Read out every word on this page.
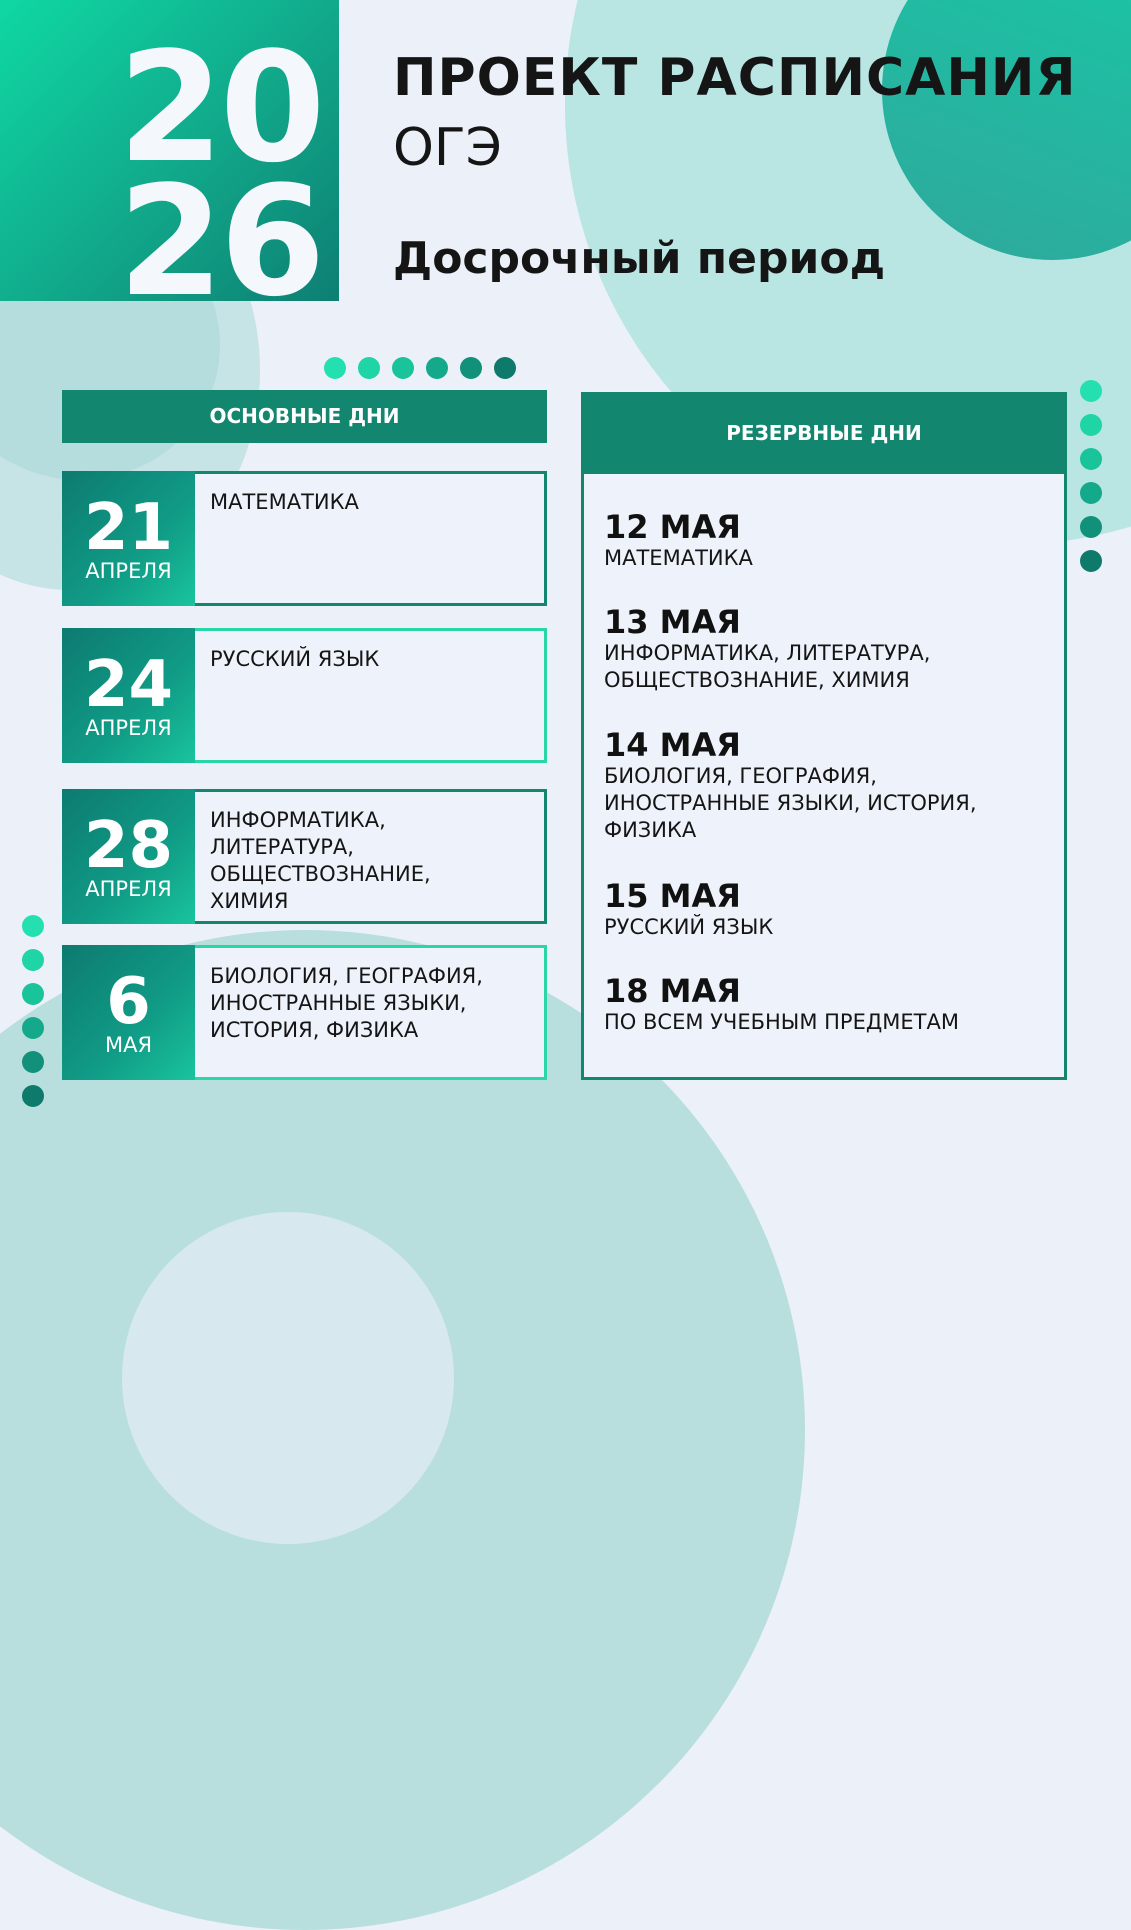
20
26
ПРОЕКТ РАСПИСАНИЯ
ОГЭ
Досрочный период
ОСНОВНЫЕ ДНИ
21
АПРЕЛЯ
МАТЕМАТИКА
24
АПРЕЛЯ
РУССКИЙ ЯЗЫК
28
АПРЕЛЯ
ИНФОРМАТИКА,
ЛИТЕРАТУРА,
ОБЩЕСТВОЗНАНИЕ,
ХИМИЯ
6
МАЯ
БИОЛОГИЯ, ГЕОГРАФИЯ,
ИНОСТРАННЫЕ ЯЗЫКИ,
ИСТОРИЯ, ФИЗИКА
12 МАЯ
МАТЕМАТИКА
13 МАЯ
ИНФОРМАТИКА, ЛИТЕРАТУРА,
ОБЩЕСТВОЗНАНИЕ, ХИМИЯ
14 МАЯ
БИОЛОГИЯ, ГЕОГРАФИЯ,
ИНОСТРАННЫЕ ЯЗЫКИ, ИСТОРИЯ,
ФИЗИКА
15 МАЯ
РУССКИЙ ЯЗЫК
18 МАЯ
ПО ВСЕМ УЧЕБНЫМ ПРЕДМЕТАМ
РЕЗЕРВНЫЕ ДНИ
